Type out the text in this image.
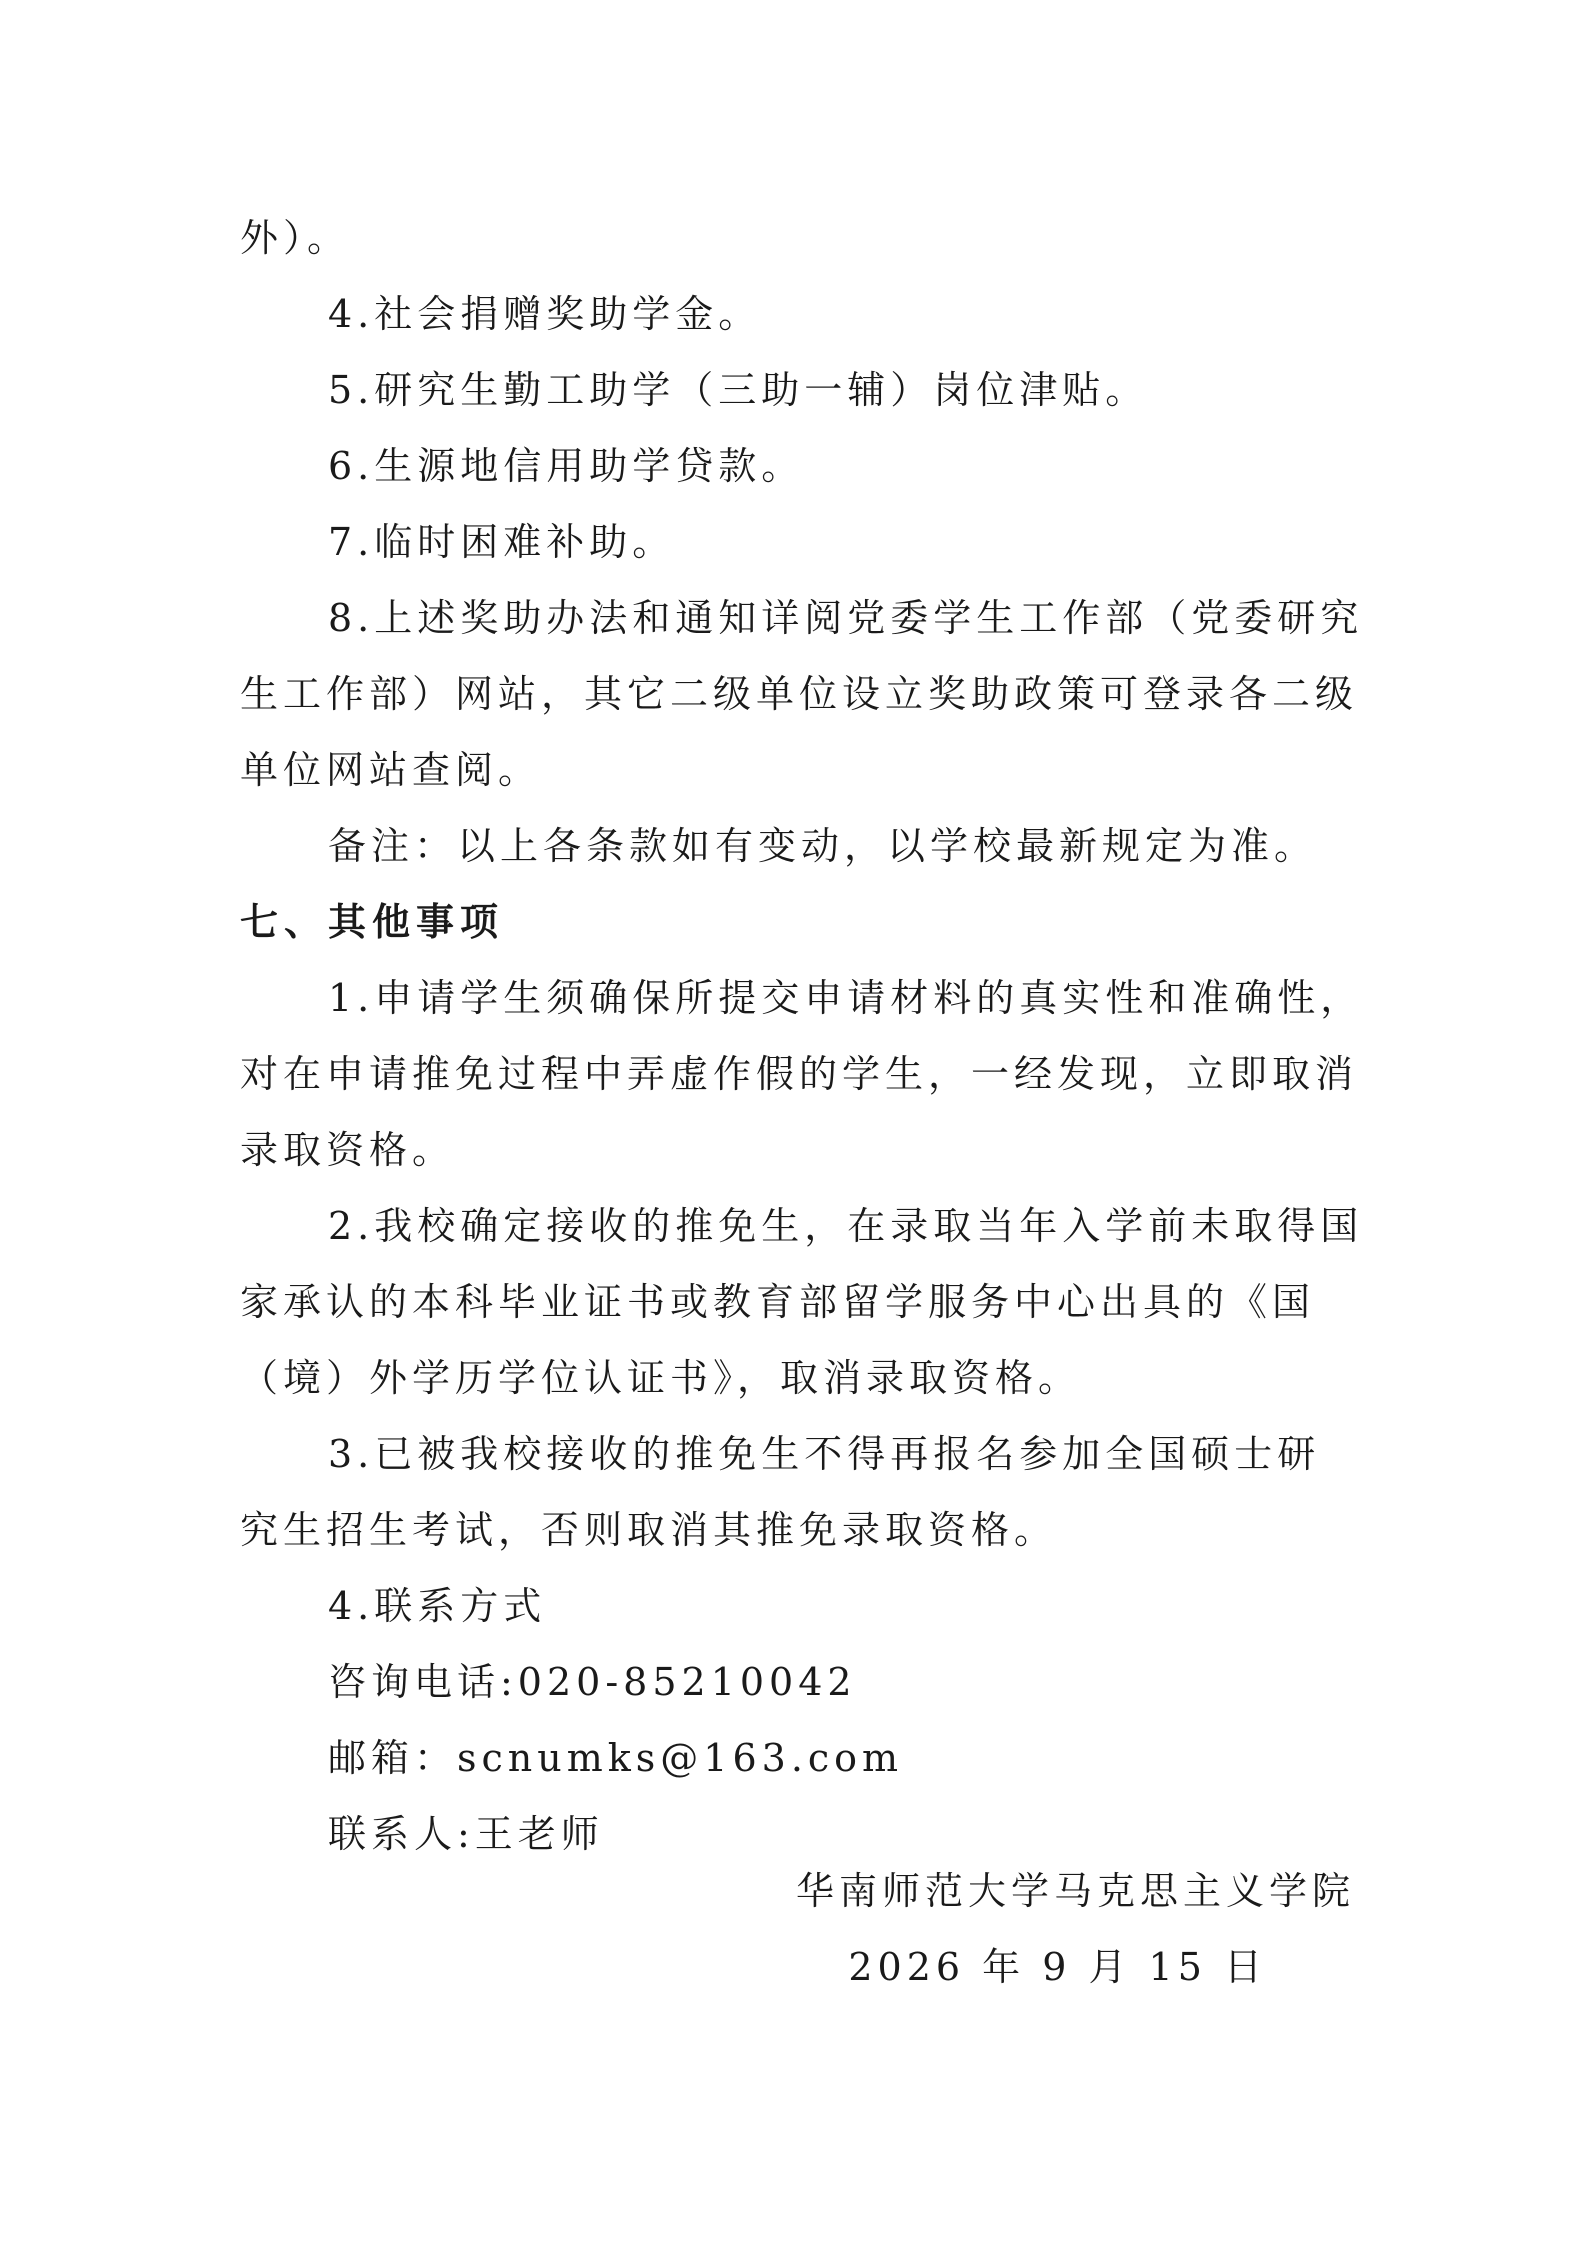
外）。
4.社会捐赠奖助学金。
5.研究生勤工助学（三助一辅）岗位津贴。
6.生源地信用助学贷款。
7.临时困难补助。
8.上述奖助办法和通知详阅党委学生工作部（党委研究
生工作部）网站，其它二级单位设立奖助政策可登录各二级
单位网站查阅。
备注：以上各条款如有变动，以学校最新规定为准。
七、其他事项
1.申请学生须确保所提交申请材料的真实性和准确性，
对在申请推免过程中弄虚作假的学生，一经发现，立即取消
录取资格。
2.我校确定接收的推免生，在录取当年入学前未取得国
家承认的本科毕业证书或教育部留学服务中心出具的《国
（境）外学历学位认证书》，取消录取资格。
3.已被我校接收的推免生不得再报名参加全国硕士研
究生招生考试，否则取消其推免录取资格。
4.联系方式
咨询电话:020-85210042
邮箱：scnumks@163.com
联系人:王老师
华南师范大学马克思主义学院
2026 年 9 月 15 日
